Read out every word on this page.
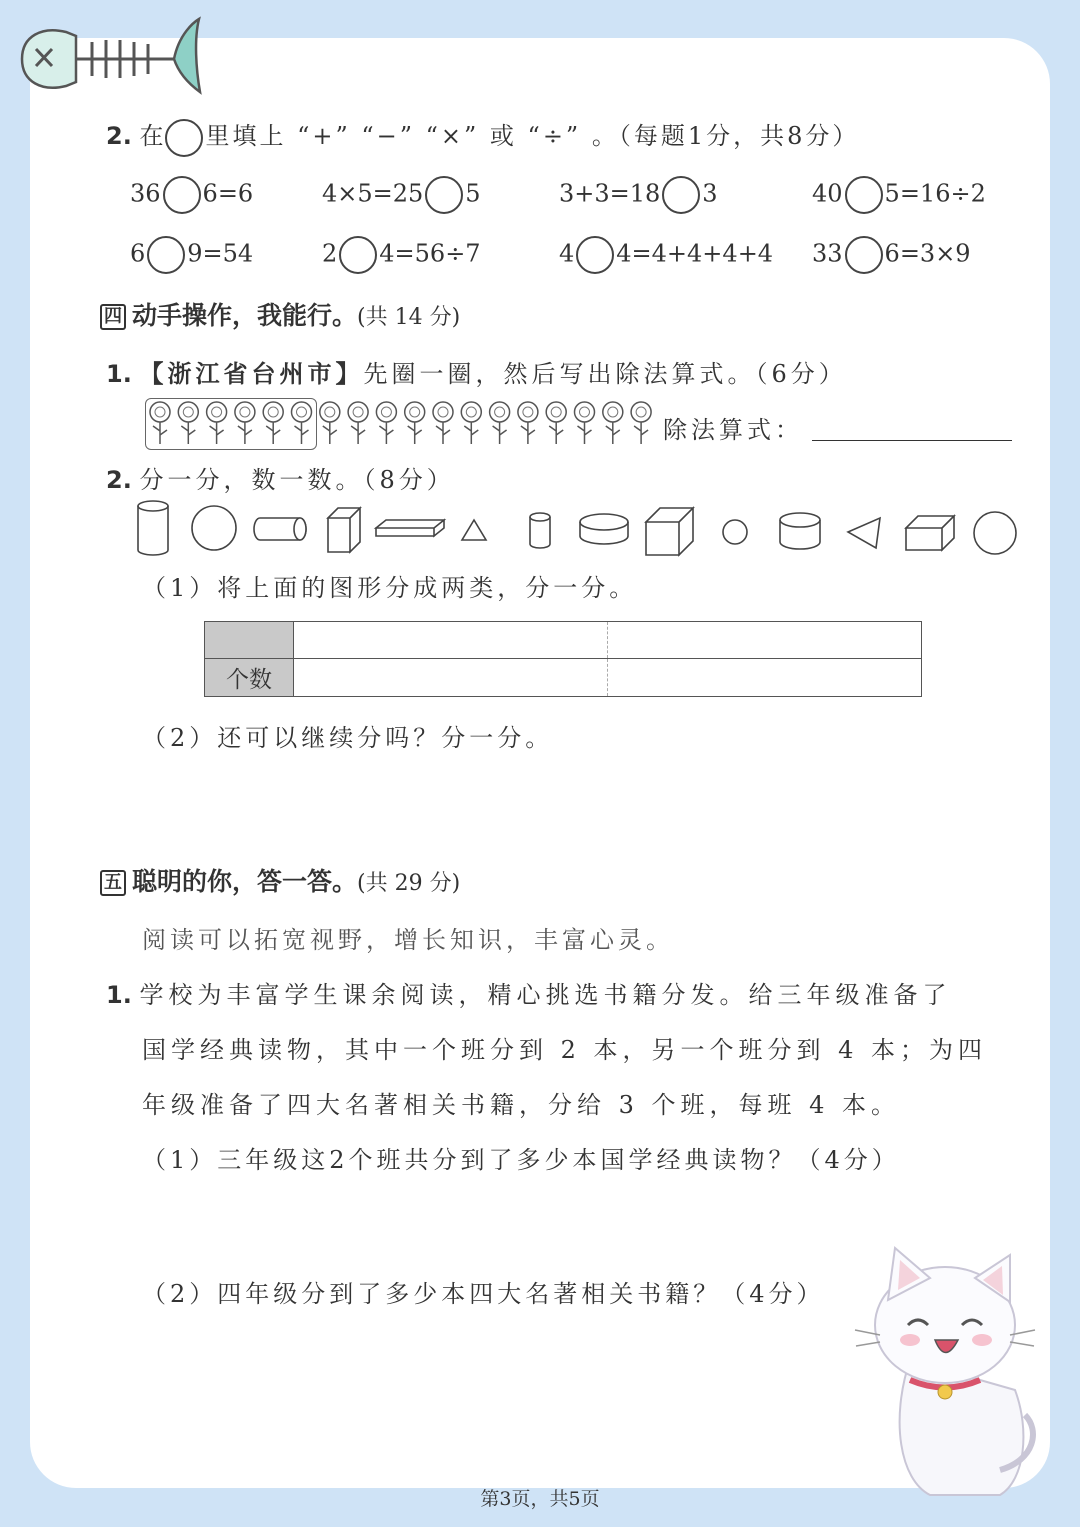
2. 在 里填上 “+” “−” “×” 或 “÷” 。（每题1分，共8分）
36 6=6	4×5=25 5	3+3=18 3	40 5=16÷2
6 9=54	2 4=56÷7	4 4=4+4+4+4 33 6=3×9
四 动手操作，我能行。(共 14 分)
1. 【浙江省台州市】先圈一圈，然后写出除法算式。（6分）
除法算式：
2. 分一分，数一数。（8分）
（1）将上面的图形分成两类，分一分。

个数		
（2）还可以继续分吗？分一分。
五 聪明的你，答一答。(共 29 分)
阅读可以拓宽视野，增长知识，丰富心灵。
1. 学校为丰富学生课余阅读，精心挑选书籍分发。给三年级准备了
国学经典读物，其中一个班分到 2 本，另一个班分到 4 本；为四
年级准备了四大名著相关书籍，分给 3 个班，每班 4 本。
（1）三年级这2个班共分到了多少本国学经典读物？（4分）
（2）四年级分到了多少本四大名著相关书籍？（4分）
第3页，共5页
